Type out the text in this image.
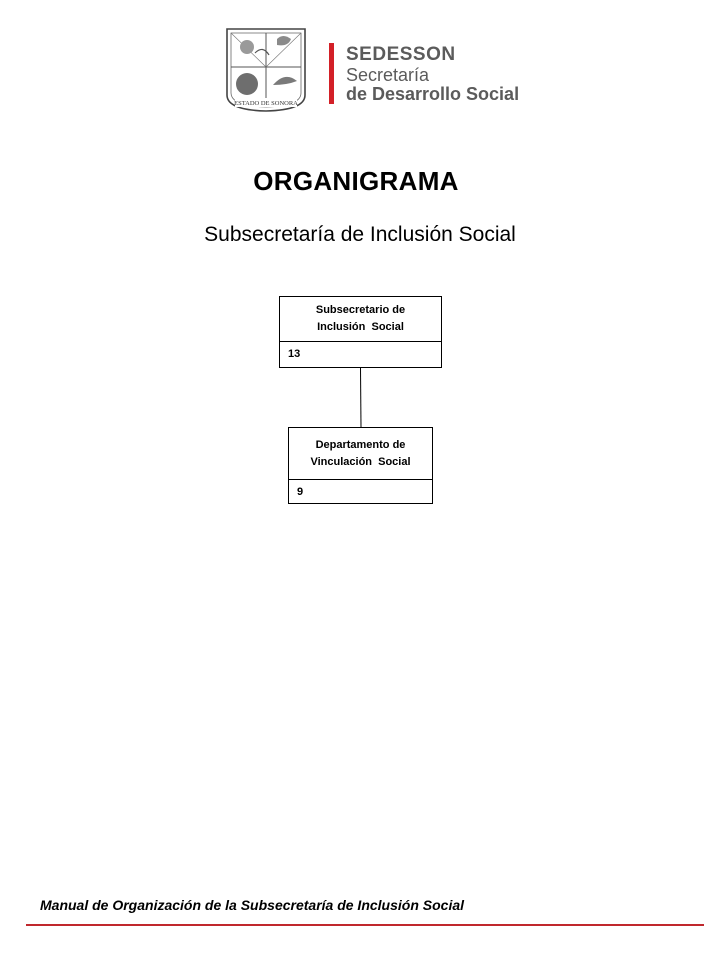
ESTADO DE SONORA
SEDESSON
Secretaría
de Desarrollo Social
ORGANIGRAMA
Subsecretaría de Inclusión Social
Subsecretario de
Inclusión  Social
13
Departamento de
Vinculación  Social
9
Manual de Organización de la Subsecretaría de Inclusión Social
